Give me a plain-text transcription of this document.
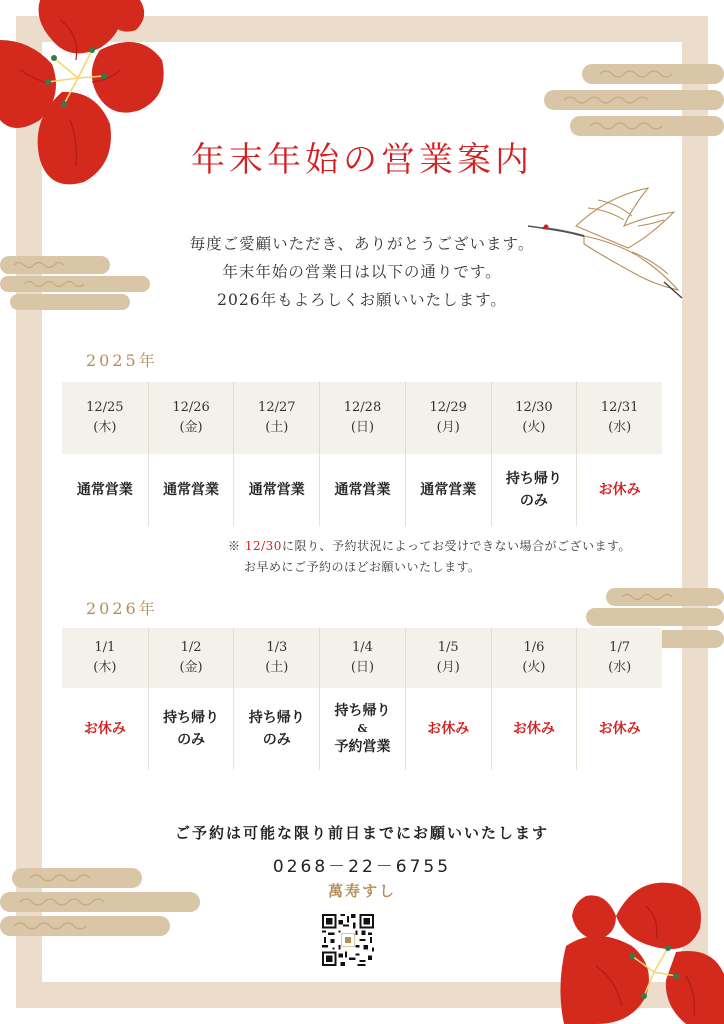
年末年始の営業案内
毎度ご愛顧いただき、ありがとうございます。
年末年始の営業日は以下の通りです。
2026年もよろしくお願いいたします。
2025年
12/25
(木)
12/26
(金)
12/27
(土)
12/28
(日)
12/29
(月)
12/30
(火)
12/31
(水)
通常営業 通常営業 通常営業 通常営業 通常営業
持ち帰り
のみ
お休み
※ 12/30に限り、予約状況によってお受けできない場合がございます。
お早めにご予約のほどお願いいたします。
2026年
1/1
(木)
1/2
(金)
1/3
(土)
1/4
(日)
1/5
(月)
1/6
(火)
1/7
(水)
お休み
持ち帰り
のみ
持ち帰り
のみ
持ち帰り
&
予約営業
お休み	お休み	お休み
ご予約は可能な限り前日までにお願いいたします
0268－22－6755
萬寿すし
